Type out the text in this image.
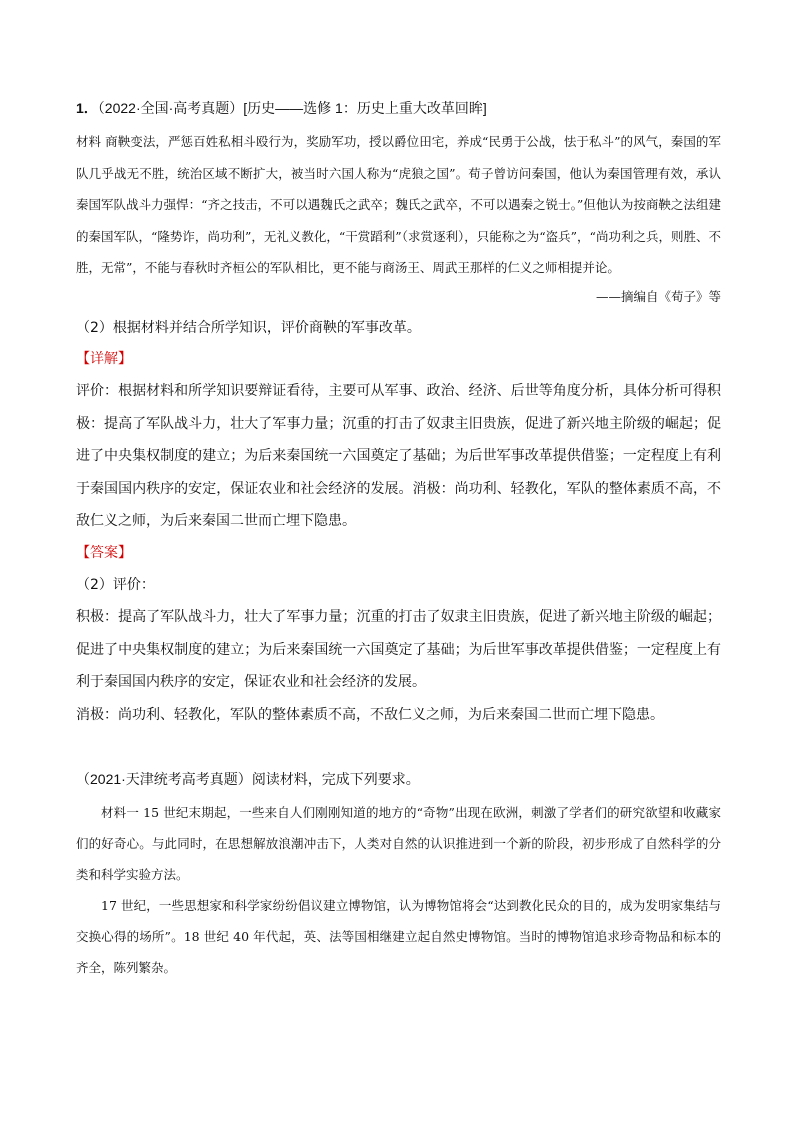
1．（2022·全国·高考真题）[历史——选修 1：历史上重大改革回眸]

材料 商鞅变法，严惩百姓私相斗殴行为，奖励军功，授以爵位田宅，养成“民勇于公战，怯于私斗”的风气，秦国的军队几乎战无不胜，统治区域不断扩大，被当时六国人称为“虎狼之国”。荀子曾访问秦国，他认为秦国管理有效，承认秦国军队战斗力强悍：“齐之技击，不可以遇魏氏之武卒；魏氏之武卒，不可以遇秦之锐士。”但他认为按商鞅之法组建的秦国军队，“隆势诈，尚功利”，无礼义教化，“干赏蹈利”（求赏逐利），只能称之为“盗兵”，“尚功利之兵，则胜、不胜，无常”，不能与春秋时齐桓公的军队相比，更不能与商汤王、周武王那样的仁义之师相提并论。

——摘编自《荀子》等

（2）根据材料并结合所学知识，评价商鞅的军事改革。

【详解】

评价：根据材料和所学知识要辩证看待，主要可从军事、政治、经济、后世等角度分析，具体分析可得积极：提高了军队战斗力，壮大了军事力量；沉重的打击了奴隶主旧贵族，促进了新兴地主阶级的崛起；促进了中央集权制度的建立；为后来秦国统一六国奠定了基础；为后世军事改革提供借鉴；一定程度上有利于秦国国内秩序的安定，保证农业和社会经济的发展。消极：尚功利、轻教化，军队的整体素质不高，不敌仁义之师，为后来秦国二世而亡埋下隐患。

【答案】

（2）评价：

积极：提高了军队战斗力，壮大了军事力量；沉重的打击了奴隶主旧贵族，促进了新兴地主阶级的崛起；促进了中央集权制度的建立；为后来秦国统一六国奠定了基础；为后世军事改革提供借鉴；一定程度上有利于秦国国内秩序的安定，保证农业和社会经济的发展。

消极：尚功利、轻教化，军队的整体素质不高，不敌仁义之师，为后来秦国二世而亡埋下隐患。

（2021·天津统考高考真题）阅读材料，完成下列要求。

材料一 15 世纪末期起，一些来自人们刚刚知道的地方的“奇物”出现在欧洲，刺激了学者们的研究欲望和收藏家们的好奇心。与此同时，在思想解放浪潮冲击下，人类对自然的认识推进到一个新的阶段，初步形成了自然科学的分类和科学实验方法。

17 世纪，一些思想家和科学家纷纷倡议建立博物馆，认为博物馆将会“达到教化民众的目的，成为发明家集结与交换心得的场所”。18 世纪 40 年代起，英、法等国相继建立起自然史博物馆。当时的博物馆追求珍奇物品和标本的齐全，陈列繁杂。
